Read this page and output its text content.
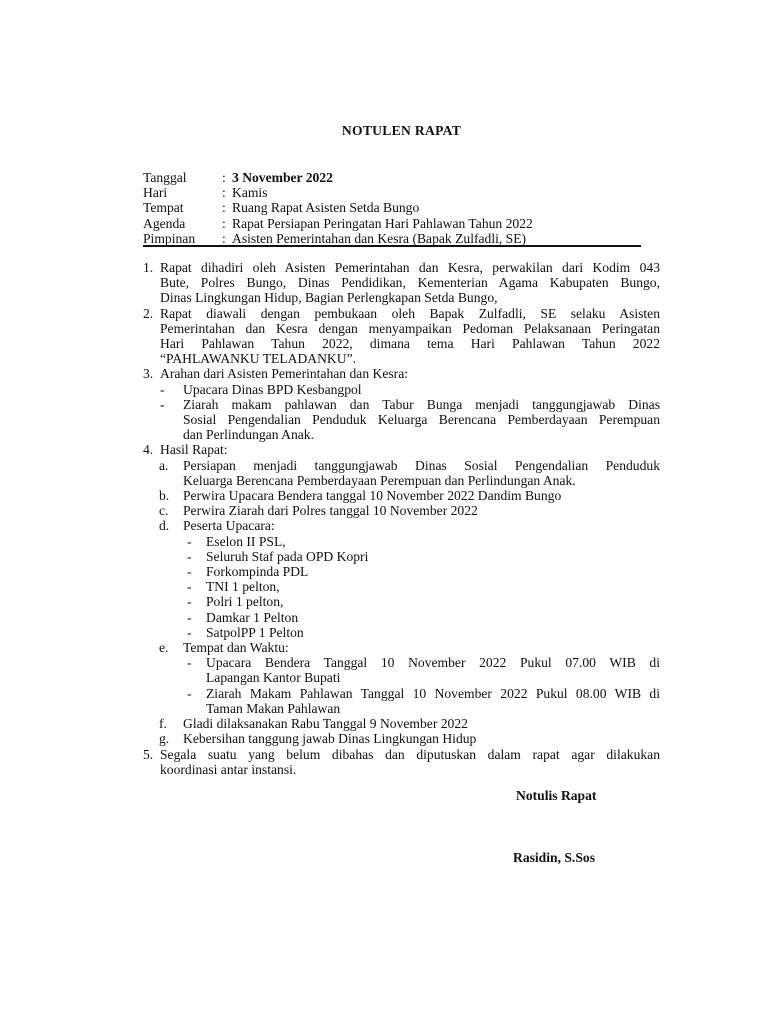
NOTULEN RAPAT
Tanggal	:	3 November 2022
Hari	:	Kamis
Tempat	:	Ruang Rapat Asisten Setda Bungo
Agenda	:	Rapat Persiapan Peringatan Hari Pahlawan Tahun 2022
Pimpinan	:	Asisten Pemerintahan dan Kesra (Bapak Zulfadli, SE)
1. Rapat dihadiri oleh Asisten Pemerintahan dan Kesra, perwakilan dari Kodim 043
Bute, Polres Bungo, Dinas Pendidikan, Kementerian Agama Kabupaten Bungo,
Dinas Lingkungan Hidup, Bagian Perlengkapan Setda Bungo,
2. Rapat diawali dengan pembukaan oleh Bapak Zulfadli, SE selaku Asisten
Pemerintahan dan Kesra dengan menyampaikan Pedoman Pelaksanaan Peringatan
Hari Pahlawan Tahun 2022, dimana tema Hari Pahlawan Tahun 2022
“PAHLAWANKU TELADANKU”.
3. Arahan dari Asisten Pemerintahan dan Kesra:
- Upacara Dinas BPD Kesbangpol
- Ziarah makam pahlawan dan Tabur Bunga menjadi tanggungjawab Dinas
Sosial Pengendalian Penduduk Keluarga Berencana Pemberdayaan Perempuan
dan Perlindungan Anak.
4. Hasil Rapat:
a. Persiapan menjadi tanggungjawab Dinas Sosial Pengendalian Penduduk
Keluarga Berencana Pemberdayaan Perempuan dan Perlindungan Anak.
b. Perwira Upacara Bendera tanggal 10 November 2022 Dandim Bungo
c. Perwira Ziarah dari Polres tanggal 10 November 2022
d. Peserta Upacara:
- Eselon II PSL,
- Seluruh Staf pada OPD Kopri
- Forkompinda PDL
- TNI 1 pelton,
- Polri 1 pelton,
- Damkar 1 Pelton
- SatpolPP 1 Pelton
e. Tempat dan Waktu:
- Upacara Bendera Tanggal 10 November 2022 Pukul 07.00 WIB di
Lapangan Kantor Bupati
- Ziarah Makam Pahlawan Tanggal 10 November 2022 Pukul 08.00 WIB di
Taman Makan Pahlawan
f. Gladi dilaksanakan Rabu Tanggal 9 November 2022
g. Kebersihan tanggung jawab Dinas Lingkungan Hidup
5. Segala suatu yang belum dibahas dan diputuskan dalam rapat agar dilakukan
koordinasi antar instansi.
Notulis Rapat
Rasidin, S.Sos
